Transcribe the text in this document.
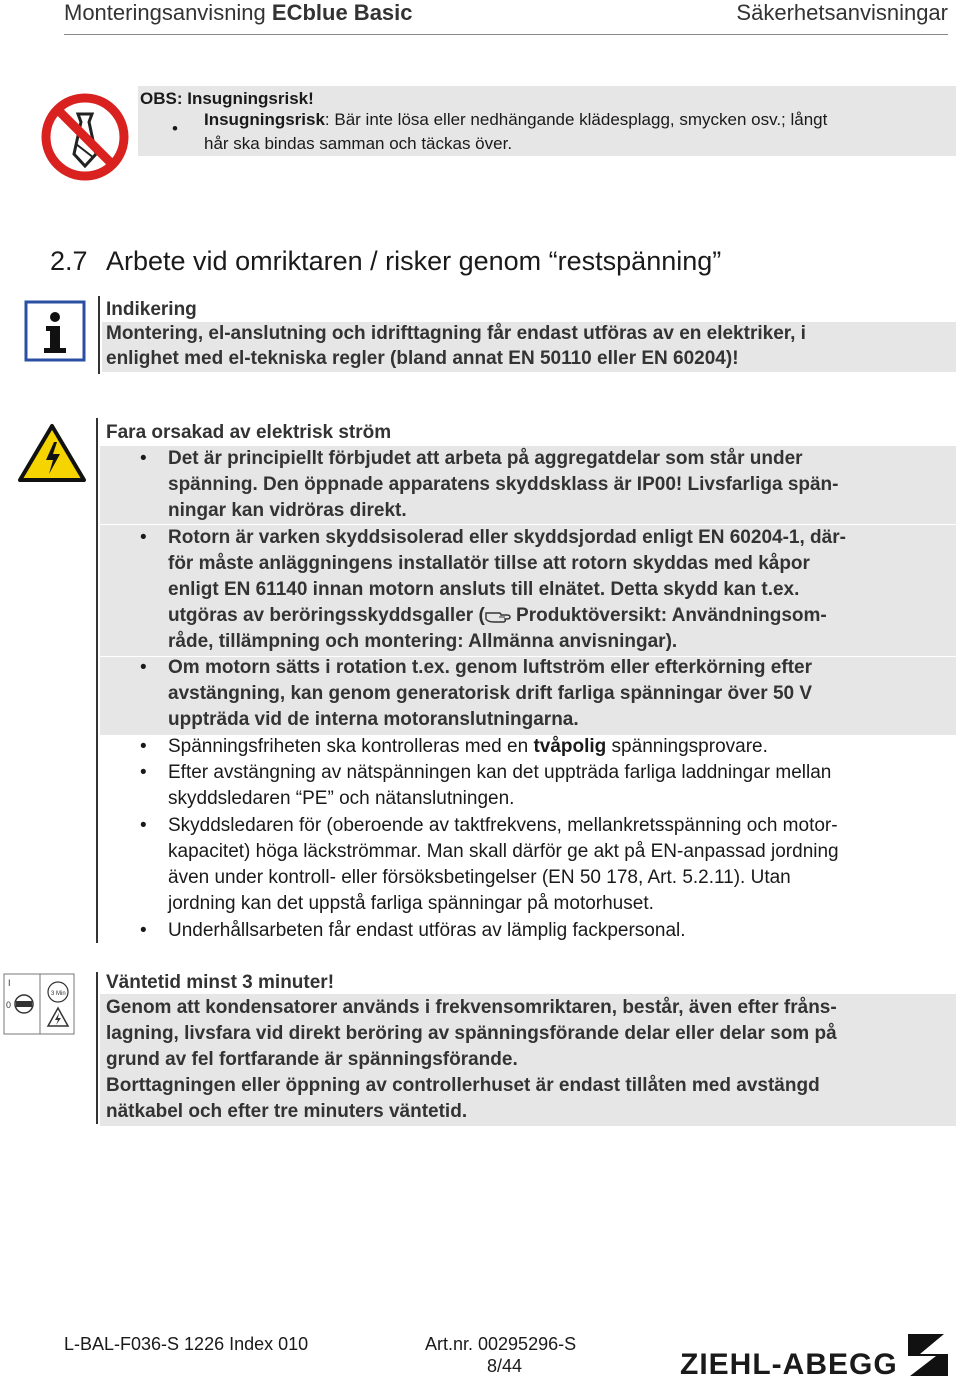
Monteringsanvisning ECblue Basic	Säkerhetsanvisningar
OBS: Insugningsrisk!
• Insugningsrisk: Bär inte lösa eller nedhängande klädesplagg, smycken osv.; långt
hår ska bindas samman och täckas över.
2.7 Arbete vid omriktaren / risker genom “restspänning”
Indikering
Montering, el-anslutning och idrifttagning får endast utföras av en elektriker, i
enlighet med el-tekniska regler (bland annat EN 50110 eller EN 60204)!
Fara orsakad av elektrisk ström
• Det är principiellt förbjudet att arbeta på aggregatdelar som står under
spänning. Den öppnade apparatens skyddsklass är IP00! Livsfarliga spän-
ningar kan vidröras direkt.
• Rotorn är varken skyddsisolerad eller skyddsjordad enligt EN 60204-1, där-
för måste anläggningens installatör tillse att rotorn skyddas med kåpor
enligt EN 61140 innan motorn ansluts till elnätet. Detta skydd kan t.ex.
utgöras av beröringsskyddsgaller ( Produktöversikt: Användningsom-
råde, tillämpning och montering: Allmänna anvisningar).
• Om motorn sätts i rotation t.ex. genom luftström eller efterkörning efter
avstängning, kan genom generatorisk drift farliga spänningar över 50 V
uppträda vid de interna motoranslutningarna.
• Spänningsfriheten ska kontrolleras med en tvåpolig spänningsprovare.
• Efter avstängning av nätspänningen kan det uppträda farliga laddningar mellan
skyddsledaren “PE” och nätanslutningen.
• Skyddsledaren för (oberoende av taktfrekvens, mellankretsspänning och motor-
kapacitet) höga läckströmmar. Man skall därför ge akt på EN-anpassad jordning
även under kontroll- eller försöksbetingelser (EN 50 178, Art. 5.2.11). Utan
jordning kan det uppstå farliga spänningar på motorhuset.
• Underhållsarbeten får endast utföras av lämplig fackpersonal.
I
0
3 Min
Väntetid minst 3 minuter!
Genom att kondensatorer används i frekvensomriktaren, består, även efter fråns-
lagning, livsfara vid direkt beröring av spänningsförande delar eller delar som på
grund av fel fortfarande är spänningsförande.
Borttagningen eller öppning av controllerhuset är endast tillåten med avstängd
nätkabel och efter tre minuters väntetid.
L-BAL-F036-S 1226 Index 010	Art.nr. 00295296-S
8/44	ZIEHL-ABEGG
